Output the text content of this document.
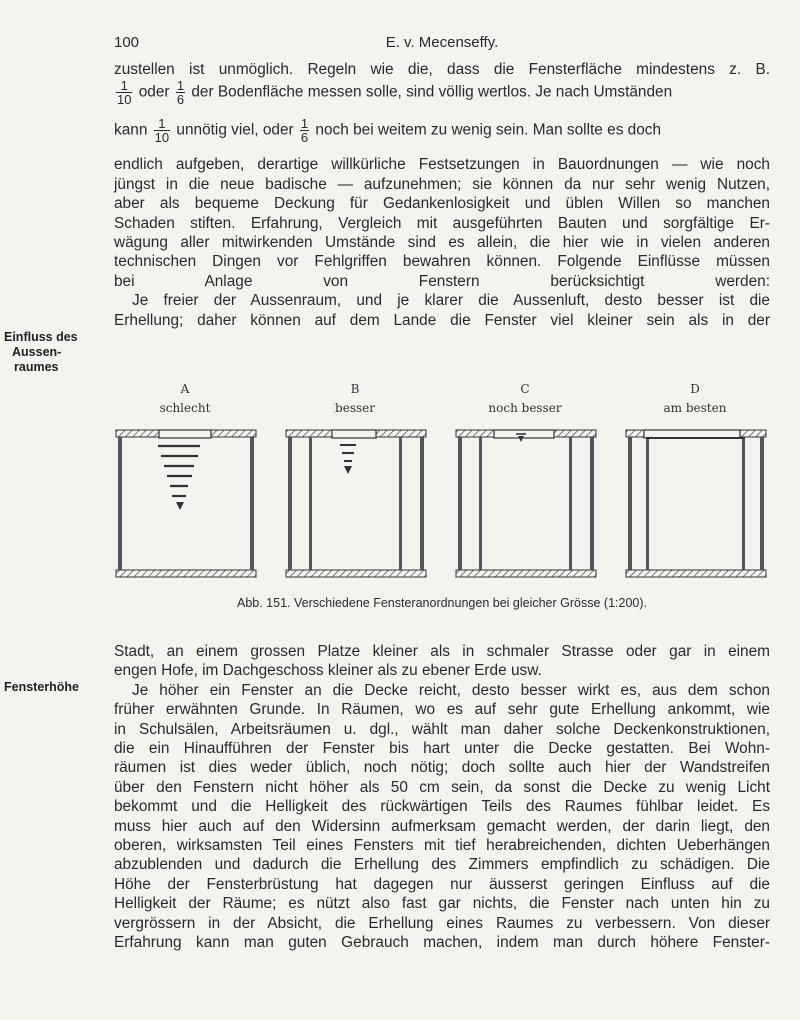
100	E. v. Mecenseffy.
zustellen ist unmöglich. Regeln wie die, dass die Fensterfläche mindestens z. B.
$\frac{1}{10}$ oder $\frac{1}{6}$ der Bodenfläche messen solle, sind völlig wertlos. Je nach Umständen
kann $\frac{1}{10}$ unnötig viel, oder $\frac{1}{6}$ noch bei weitem zu wenig sein. Man sollte es doch
endlich aufgeben, derartige willkürliche Festsetzungen in Bauordnungen — wie noch
jüngst in die neue badische — aufzunehmen; sie können da nur sehr wenig Nutzen,
aber als bequeme Deckung für Gedankenlosigkeit und üblen Willen so manchen
Schaden stiften. Erfahrung, Vergleich mit ausgeführten Bauten und sorgfältige Er-
wägung aller mitwirkenden Umstände sind es allein, die hier wie in vielen anderen
technischen Dingen vor Fehlgriffen bewahren können. Folgende Einflüsse müssen
bei Anlage von Fenstern berücksichtigt werden:
Je freier der Aussenraum, und je klarer die Aussenluft, desto besser ist die
Erhellung; daher können auf dem Lande die Fenster viel kleiner sein als in der
Einfluss des
Aussen-
raumes
A
schlecht
B
besser
C
noch besser
D
am besten
Abb. 151. Verschiedene Fensteranordnungen bei gleicher Grösse (1:200).
Stadt, an einem grossen Platze kleiner als in schmaler Strasse oder gar in einem
engen Hofe, im Dachgeschoss kleiner als zu ebener Erde usw.
Je höher ein Fenster an die Decke reicht, desto besser wirkt es, aus dem schon
früher erwähnten Grunde. In Räumen, wo es auf sehr gute Erhellung ankommt, wie
in Schulsälen, Arbeitsräumen u. dgl., wählt man daher solche Deckenkonstruktionen,
die ein Hinaufführen der Fenster bis hart unter die Decke gestatten. Bei Wohn-
räumen ist dies weder üblich, noch nötig; doch sollte auch hier der Wandstreifen
über den Fenstern nicht höher als 50 cm sein, da sonst die Decke zu wenig Licht
bekommt und die Helligkeit des rückwärtigen Teils des Raumes fühlbar leidet. Es
muss hier auch auf den Widersinn aufmerksam gemacht werden, der darin liegt, den
oberen, wirksamsten Teil eines Fensters mit tief herabreichenden, dichten Ueberhängen
abzublenden und dadurch die Erhellung des Zimmers empfindlich zu schädigen. Die
Höhe der Fensterbrüstung hat dagegen nur äusserst geringen Einfluss auf die
Helligkeit der Räume; es nützt also fast gar nichts, die Fenster nach unten hin zu
vergrössern in der Absicht, die Erhellung eines Raumes zu verbessern. Von dieser
Erfahrung kann man guten Gebrauch machen, indem man durch höhere Fenster-
Fensterhöhe
